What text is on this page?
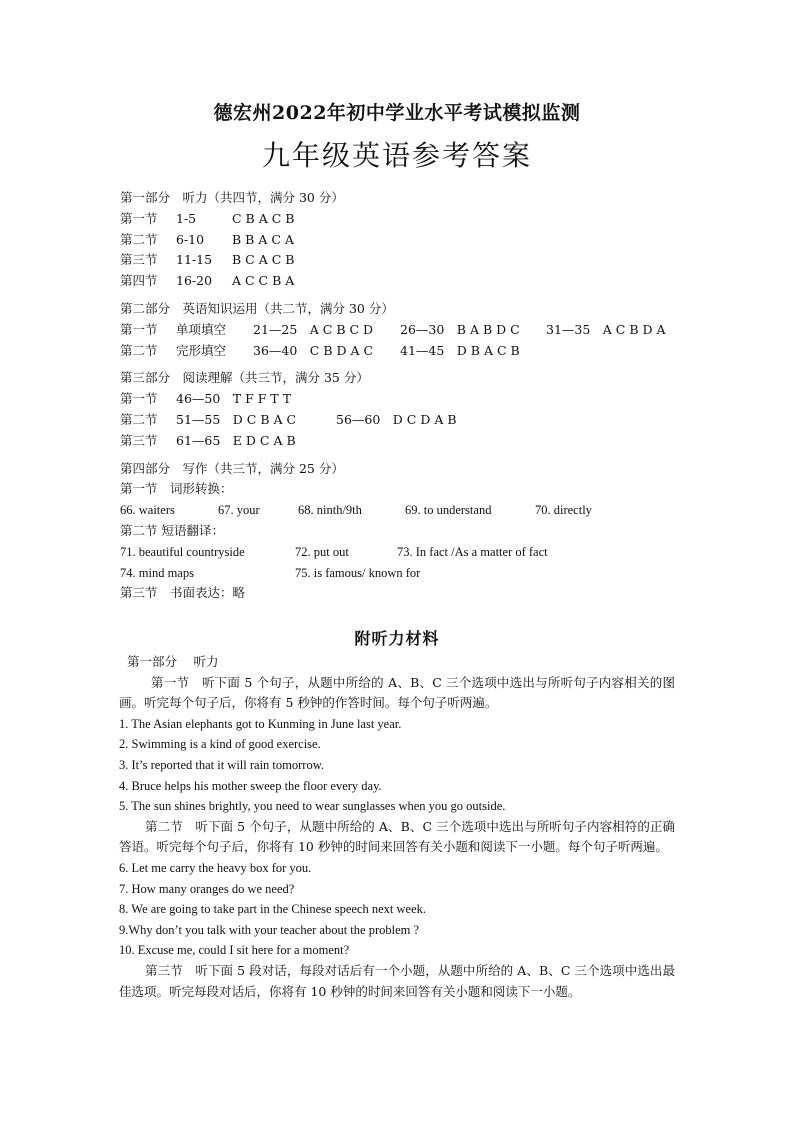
德宏州2022年初中学业水平考试模拟监测
九年级英语参考答案
第一部分　听力（共四节，满分 30 分）
第一节 1-5	C B A C B
第二节 6-10 B B A C A
第三节 11-15 B C A C B
第四节 16-20 A C C B A
第二部分　英语知识运用（共二节，满分 30 分）
第一节 单项填空 21—25　A C B C D 26—30　B A B D C 31—35　A C B D A
第二节 完形填空 36—40　C B D A C 41—45　D B A C B
第三部分　阅读理解（共三节，满分 35 分）
第一节 46—50　T F F T T
第二节 51—55　D C B A C	56—60　D C D A B
第三节 61—65　E D C A B
第四部分　写作（共三节，满分 25 分）
第一节　词形转换：
66. waiters	67. your	68. ninth/9th	69. to understand	70. directly
第二节 短语翻译：
71. beautiful countryside	72. put out	73. In fact /As a matter of fact
74. mind maps	75. is famous/ known for
第三节　书面表达：略
附听力材料
第一部分　 听力
第一节　听下面 5 个句子，从题中所给的 A、B、C 三个选项中选出与所听句子内容相关的图画。听完每个句子后，你将有 5 秒钟的作答时间。每个句子听两遍。
1. The Asian elephants got to Kunming in June last year.
2. Swimming is a kind of good exercise.
3. It’s reported that it will rain tomorrow.
4. Bruce helps his mother sweep the floor every day.
5. The sun shines brightly, you need to wear sunglasses when you go outside.
第二节　听下面 5 个句子，从题中所给的 A、B、C 三个选项中选出与所听句子内容相符的正确答语。听完每个句子后，你将有 10 秒钟的时间来回答有关小题和阅读下一小题。每个句子听两遍。
6. Let me carry the heavy box for you.
7. How many oranges do we need?
8. We are going to take part in the Chinese speech next week.
9.Why don’t you talk with your teacher about the problem ?
10. Excuse me, could I sit here for a moment?
第三节　听下面 5 段对话，每段对话后有一个小题，从题中所给的 A、B、C 三个选项中选出最佳选项。听完每段对话后，你将有 10 秒钟的时间来回答有关小题和阅读下一小题。
